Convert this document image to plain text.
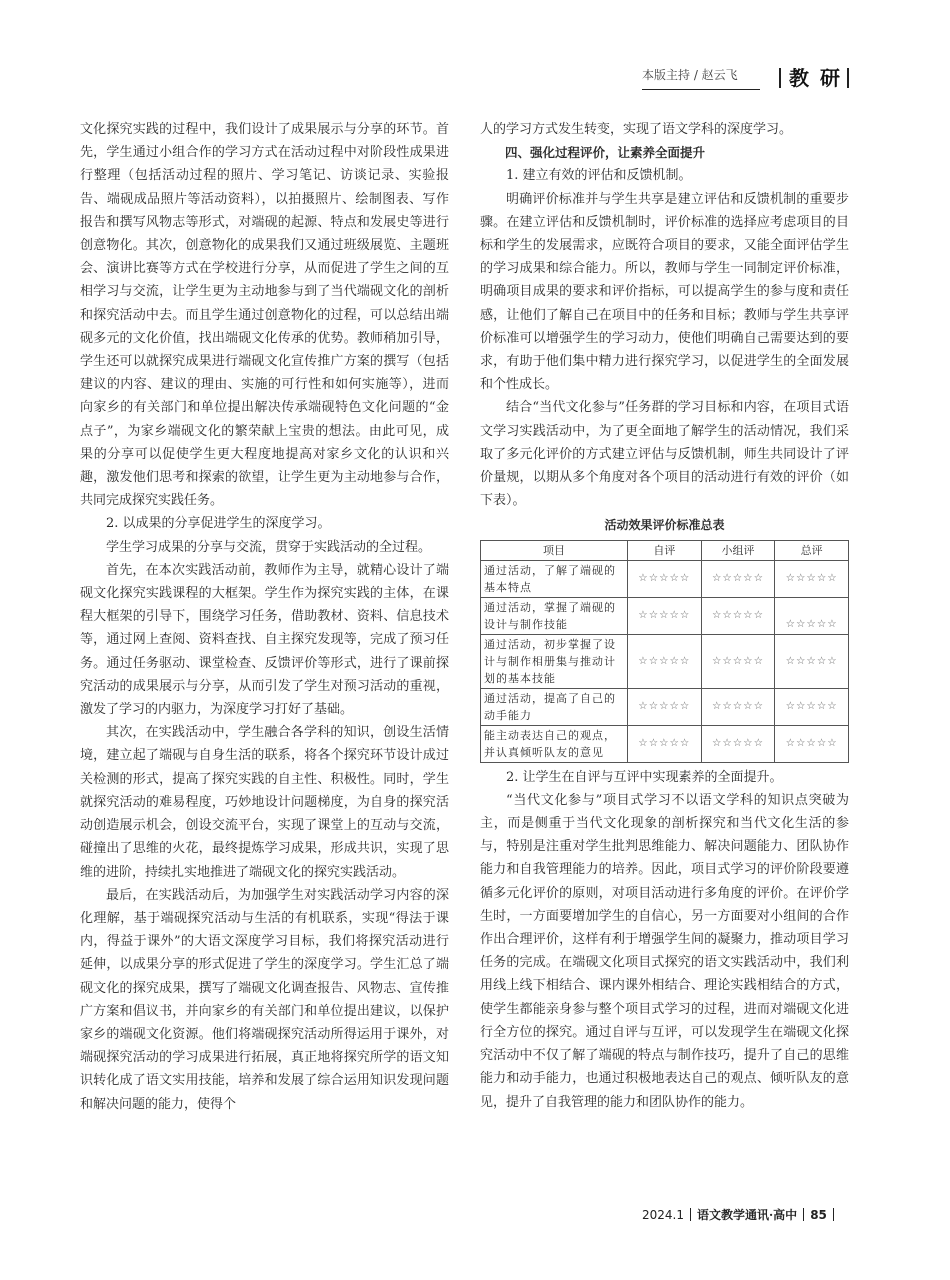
本版主持 / 赵云飞	教 研

文化探究实践的过程中，我们设计了成果展示与分享的环节。首先，学生通过小组合作的学习方式在活动过程中对阶段性成果进行整理（包括活动过程的照片、学习笔记、访谈记录、实验报告、端砚成品照片等活动资料），以拍摄照片、绘制图表、写作报告和撰写风物志等形式，对端砚的起源、特点和发展史等进行创意物化。其次，创意物化的成果我们又通过班级展览、主题班会、演讲比赛等方式在学校进行分享，从而促进了学生之间的互相学习与交流，让学生更为主动地参与到了当代端砚文化的剖析和探究活动中去。而且学生通过创意物化的过程，可以总结出端砚多元的文化价值，找出端砚文化传承的优势。教师稍加引导，学生还可以就探究成果进行端砚文化宣传推广方案的撰写（包括建议的内容、建议的理由、实施的可行性和如何实施等），进而向家乡的有关部门和单位提出解决传承端砚特色文化问题的“金点子”，为家乡端砚文化的繁荣献上宝贵的想法。由此可见，成果的分享可以促使学生更大程度地提高对家乡文化的认识和兴趣，激发他们思考和探索的欲望，让学生更为主动地参与合作，共同完成探究实践任务。

2. 以成果的分享促进学生的深度学习。

学生学习成果的分享与交流，贯穿于实践活动的全过程。

首先，在本次实践活动前，教师作为主导，就精心设计了端砚文化探究实践课程的大框架。学生作为探究实践的主体，在课程大框架的引导下，围绕学习任务，借助教材、资料、信息技术等，通过网上查阅、资料查找、自主探究发现等，完成了预习任务。通过任务驱动、课堂检查、反馈评价等形式，进行了课前探究活动的成果展示与分享，从而引发了学生对预习活动的重视，激发了学习的内驱力，为深度学习打好了基础。

其次，在实践活动中，学生融合各学科的知识，创设生活情境，建立起了端砚与自身生活的联系，将各个探究环节设计成过关检测的形式，提高了探究实践的自主性、积极性。同时，学生就探究活动的难易程度，巧妙地设计问题梯度，为自身的探究活动创造展示机会，创设交流平台，实现了课堂上的互动与交流，碰撞出了思维的火花，最终提炼学习成果，形成共识，实现了思维的进阶，持续扎实地推进了端砚文化的探究实践活动。

最后，在实践活动后，为加强学生对实践活动学习内容的深化理解，基于端砚探究活动与生活的有机联系，实现“得法于课内，得益于课外”的大语文深度学习目标，我们将探究活动进行延伸，以成果分享的形式促进了学生的深度学习。学生汇总了端砚文化的探究成果，撰写了端砚文化调查报告、风物志、宣传推广方案和倡议书，并向家乡的有关部门和单位提出建议，以保护家乡的端砚文化资源。他们将端砚探究活动所得运用于课外，对端砚探究活动的学习成果进行拓展，真正地将探究所学的语文知识转化成了语文实用技能，培养和发展了综合运用知识发现问题和解决问题的能力，使得个

人的学习方式发生转变，实现了语文学科的深度学习。

四、强化过程评价，让素养全面提升

1. 建立有效的评估和反馈机制。

明确评价标准并与学生共享是建立评估和反馈机制的重要步骤。在建立评估和反馈机制时，评价标准的选择应考虑项目的目标和学生的发展需求，应既符合项目的要求，又能全面评估学生的学习成果和综合能力。所以，教师与学生一同制定评价标准，明确项目成果的要求和评价指标，可以提高学生的参与度和责任感，让他们了解自己在项目中的任务和目标；教师与学生共享评价标准可以增强学生的学习动力，使他们明确自己需要达到的要求，有助于他们集中精力进行探究学习，以促进学生的全面发展和个性成长。

结合“当代文化参与”任务群的学习目标和内容，在项目式语文学习实践活动中，为了更全面地了解学生的活动情况，我们采取了多元化评价的方式建立评估与反馈机制，师生共同设计了评价量规，以期从多个角度对各个项目的活动进行有效的评价（如下表）。

活动效果评价标准总表
项目	自评	小组评	总评
通过活动，了解了端砚的基本特点	☆☆☆☆☆	☆☆☆☆☆	☆☆☆☆☆
通过活动，掌握了端砚的设计与制作技能	☆☆☆☆☆	☆☆☆☆☆	☆☆☆☆☆
通过活动，初步掌握了设计与制作相册集与推动计划的基本技能	☆☆☆☆☆	☆☆☆☆☆	☆☆☆☆☆
通过活动，提高了自己的动手能力	☆☆☆☆☆	☆☆☆☆☆	☆☆☆☆☆
能主动表达自己的观点，并认真倾听队友的意见	☆☆☆☆☆	☆☆☆☆☆	☆☆☆☆☆

2. 让学生在自评与互评中实现素养的全面提升。

“当代文化参与”项目式学习不以语文学科的知识点突破为主，而是侧重于当代文化现象的剖析探究和当代文化生活的参与，特别是注重对学生批判思维能力、解决问题能力、团队协作能力和自我管理能力的培养。因此，项目式学习的评价阶段要遵循多元化评价的原则，对项目活动进行多角度的评价。在评价学生时，一方面要增加学生的自信心，另一方面要对小组间的合作作出合理评价，这样有利于增强学生间的凝聚力，推动项目学习任务的完成。在端砚文化项目式探究的语文实践活动中，我们利用线上线下相结合、课内课外相结合、理论实践相结合的方式，使学生都能亲身参与整个项目式学习的过程，进而对端砚文化进行全方位的探究。通过自评与互评，可以发现学生在端砚文化探究活动中不仅了解了端砚的特点与制作技巧，提升了自己的思维能力和动手能力，也通过积极地表达自己的观点、倾听队友的意见，提升了自我管理的能力和团队协作的能力。

2024.1 语文教学通讯·高中 85
